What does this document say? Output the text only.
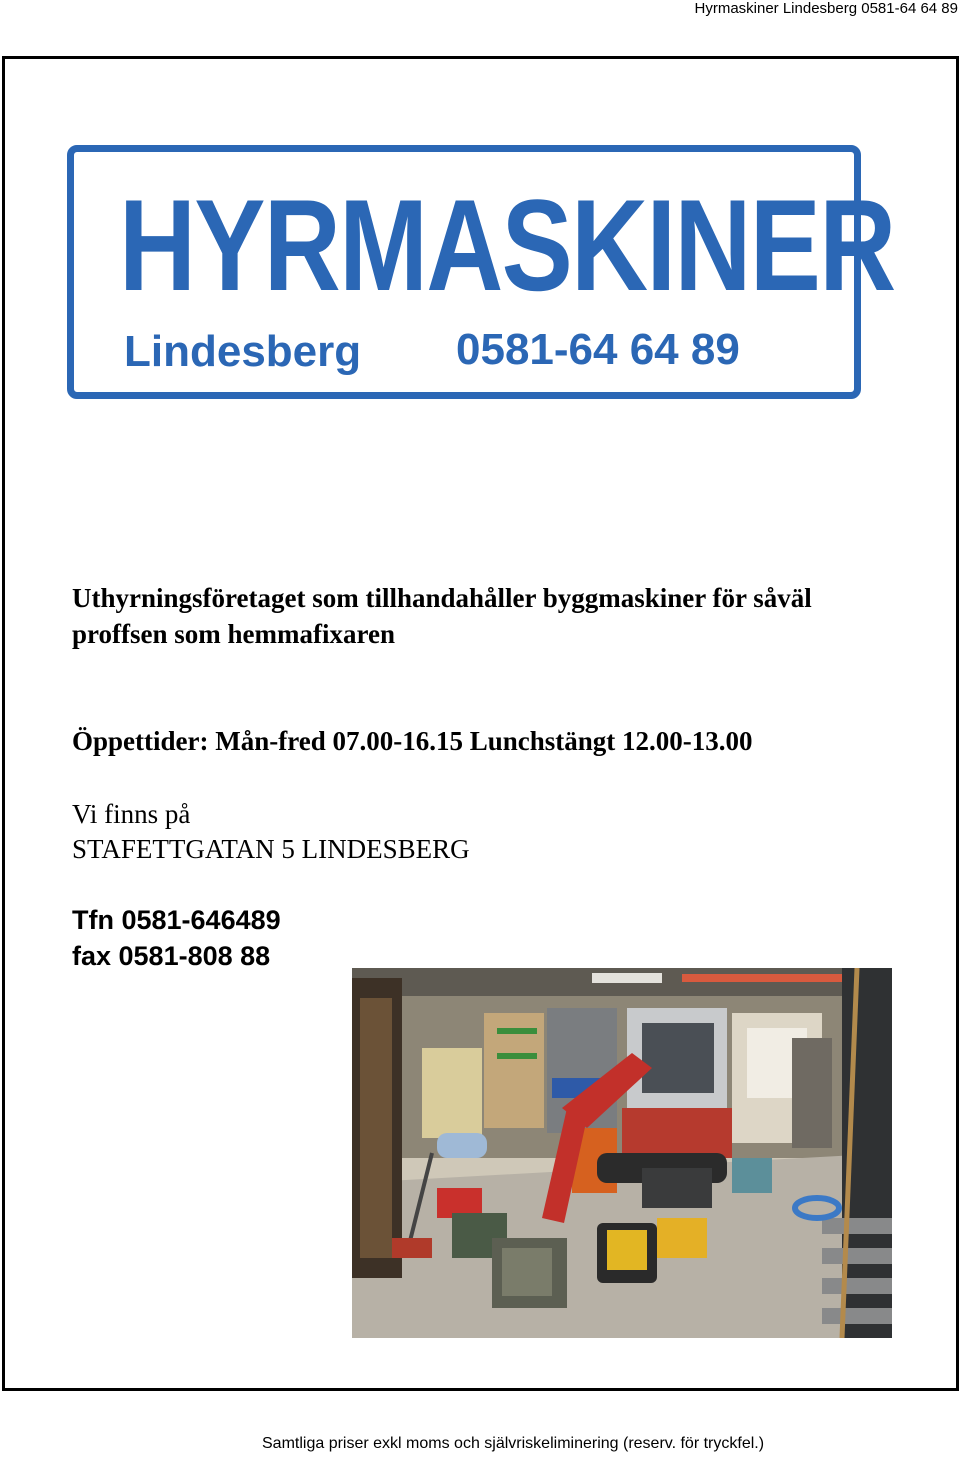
Hyrmaskiner Lindesberg 0581-64 64 89
HYRMASKINER
Lindesberg 0581-64 64 89
Uthyrningsföretaget som tillhandahåller byggmaskiner för såväl
proffsen som hemmafixaren
Öppettider: Mån-fred 07.00-16.15 Lunchstängt 12.00-13.00
Vi finns på
STAFETTGATAN 5 LINDESBERG
Tfn 0581-646489
fax 0581-808 88
Samtliga priser exkl moms och självriskeliminering (reserv. för tryckfel.)
